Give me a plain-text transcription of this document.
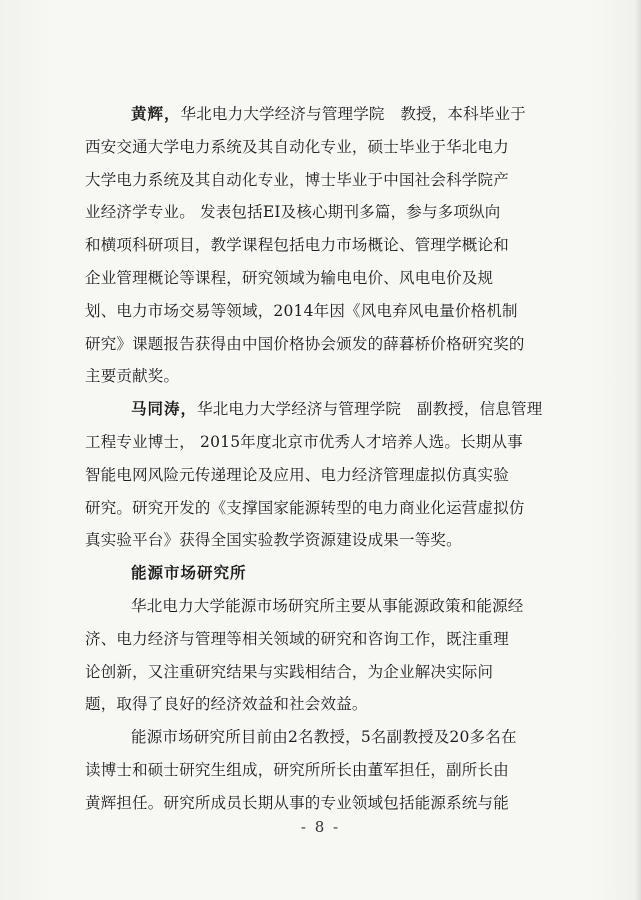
黄辉，华北电力大学经济与管理学院　教授，本科毕业于
西安交通大学电力系统及其自动化专业，硕士毕业于华北电力
大学电力系统及其自动化专业，博士毕业于中国社会科学院产
业经济学专业。 发表包括EI及核心期刊多篇，参与多项纵向
和横项科研项目，教学课程包括电力市场概论、管理学概论和
企业管理概论等课程，研究领域为输电电价、风电电价及规
划、电力市场交易等领域，2014年因《风电弃风电量价格机制
研究》课题报告获得由中国价格协会颁发的薛暮桥价格研究奖的
主要贡献奖。

马同涛，华北电力大学经济与管理学院　副教授，信息管理
工程专业博士， 2015年度北京市优秀人才培养人选。长期从事
智能电网风险元传递理论及应用、电力经济管理虚拟仿真实验
研究。研究开发的《支撑国家能源转型的电力商业化运营虚拟仿
真实验平台》获得全国实验教学资源建设成果一等奖。

能源市场研究所

华北电力大学能源市场研究所主要从事能源政策和能源经
济、电力经济与管理等相关领域的研究和咨询工作，既注重理
论创新，又注重研究结果与实践相结合，为企业解决实际问
题，取得了良好的经济效益和社会效益。

能源市场研究所目前由2名教授，5名副教授及20多名在
读博士和硕士研究生组成，研究所所长由董军担任，副所长由
黄辉担任。研究所成员长期从事的专业领域包括能源系统与能

- 8 -
